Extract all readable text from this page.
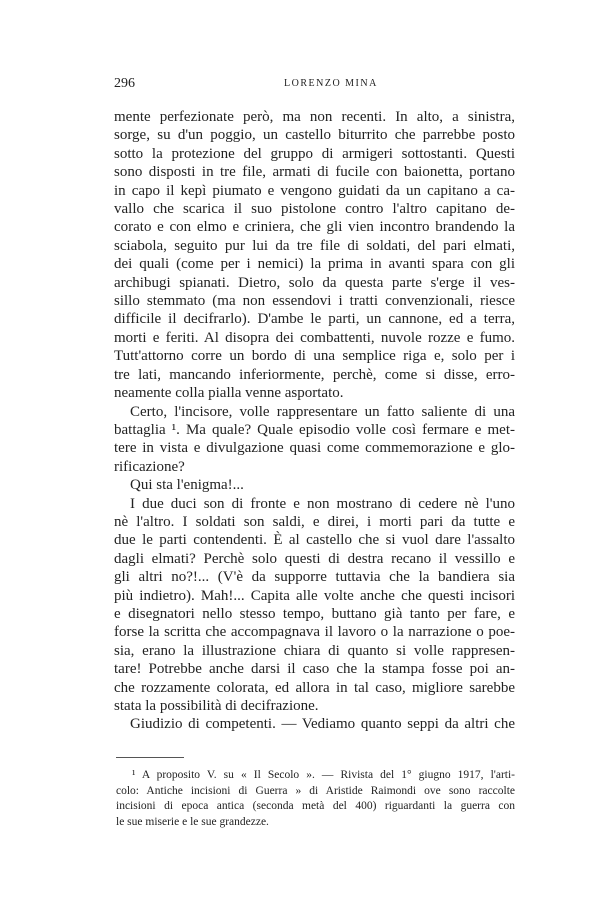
296	LORENZO MINA
mente perfezionate però, ma non recenti. In alto, a sinistra,
sorge, su d'un poggio, un castello biturrito che parrebbe posto
sotto la protezione del gruppo di armigeri sottostanti. Questi
sono disposti in tre file, armati di fucile con baionetta, portano
in capo il kepì piumato e vengono guidati da un capitano a ca-
vallo che scarica il suo pistolone contro l'altro capitano de-
corato e con elmo e criniera, che gli vien incontro brandendo la
sciabola, seguito pur lui da tre file di soldati, del pari elmati,
dei quali (come per i nemici) la prima in avanti spara con gli
archibugi spianati. Dietro, solo da questa parte s'erge il ves-
sillo stemmato (ma non essendovi i tratti convenzionali, riesce
difficile il decifrarlo). D'ambe le parti, un cannone, ed a terra,
morti e feriti. Al disopra dei combattenti, nuvole rozze e fumo.
Tutt'attorno corre un bordo di una semplice riga e, solo per i
tre lati, mancando inferiormente, perchè, come si disse, erro-
neamente colla pialla venne asportato.
Certo, l'incisore, volle rappresentare un fatto saliente di una
battaglia ¹. Ma quale? Quale episodio volle così fermare e met-
tere in vista e divulgazione quasi come commemorazione e glo-
rificazione?
Qui sta l'enigma!...
I due duci son di fronte e non mostrano di cedere nè l'uno
nè l'altro. I soldati son saldi, e direi, i morti pari da tutte e
due le parti contendenti. È al castello che si vuol dare l'assalto
dagli elmati? Perchè solo questi di destra recano il vessillo e
gli altri no?!... (V'è da supporre tuttavia che la bandiera sia
più indietro). Mah!... Capita alle volte anche che questi incisori
e disegnatori nello stesso tempo, buttano già tanto per fare, e
forse la scritta che accompagnava il lavoro o la narrazione o poe-
sia, erano la illustrazione chiara di quanto si volle rappresen-
tare! Potrebbe anche darsi il caso che la stampa fosse poi an-
che rozzamente colorata, ed allora in tal caso, migliore sarebbe
stata la possibilità di decifrazione.
Giudizio di competenti. — Vediamo quanto seppi da altri che
¹ A proposito V. su « Il Secolo ». — Rivista del 1° giugno 1917, l'arti-
colo: Antiche incisioni di Guerra » di Aristide Raimondi ove sono raccolte
incisioni di epoca antica (seconda metà del 400) riguardanti la guerra con
le sue miserie e le sue grandezze.
